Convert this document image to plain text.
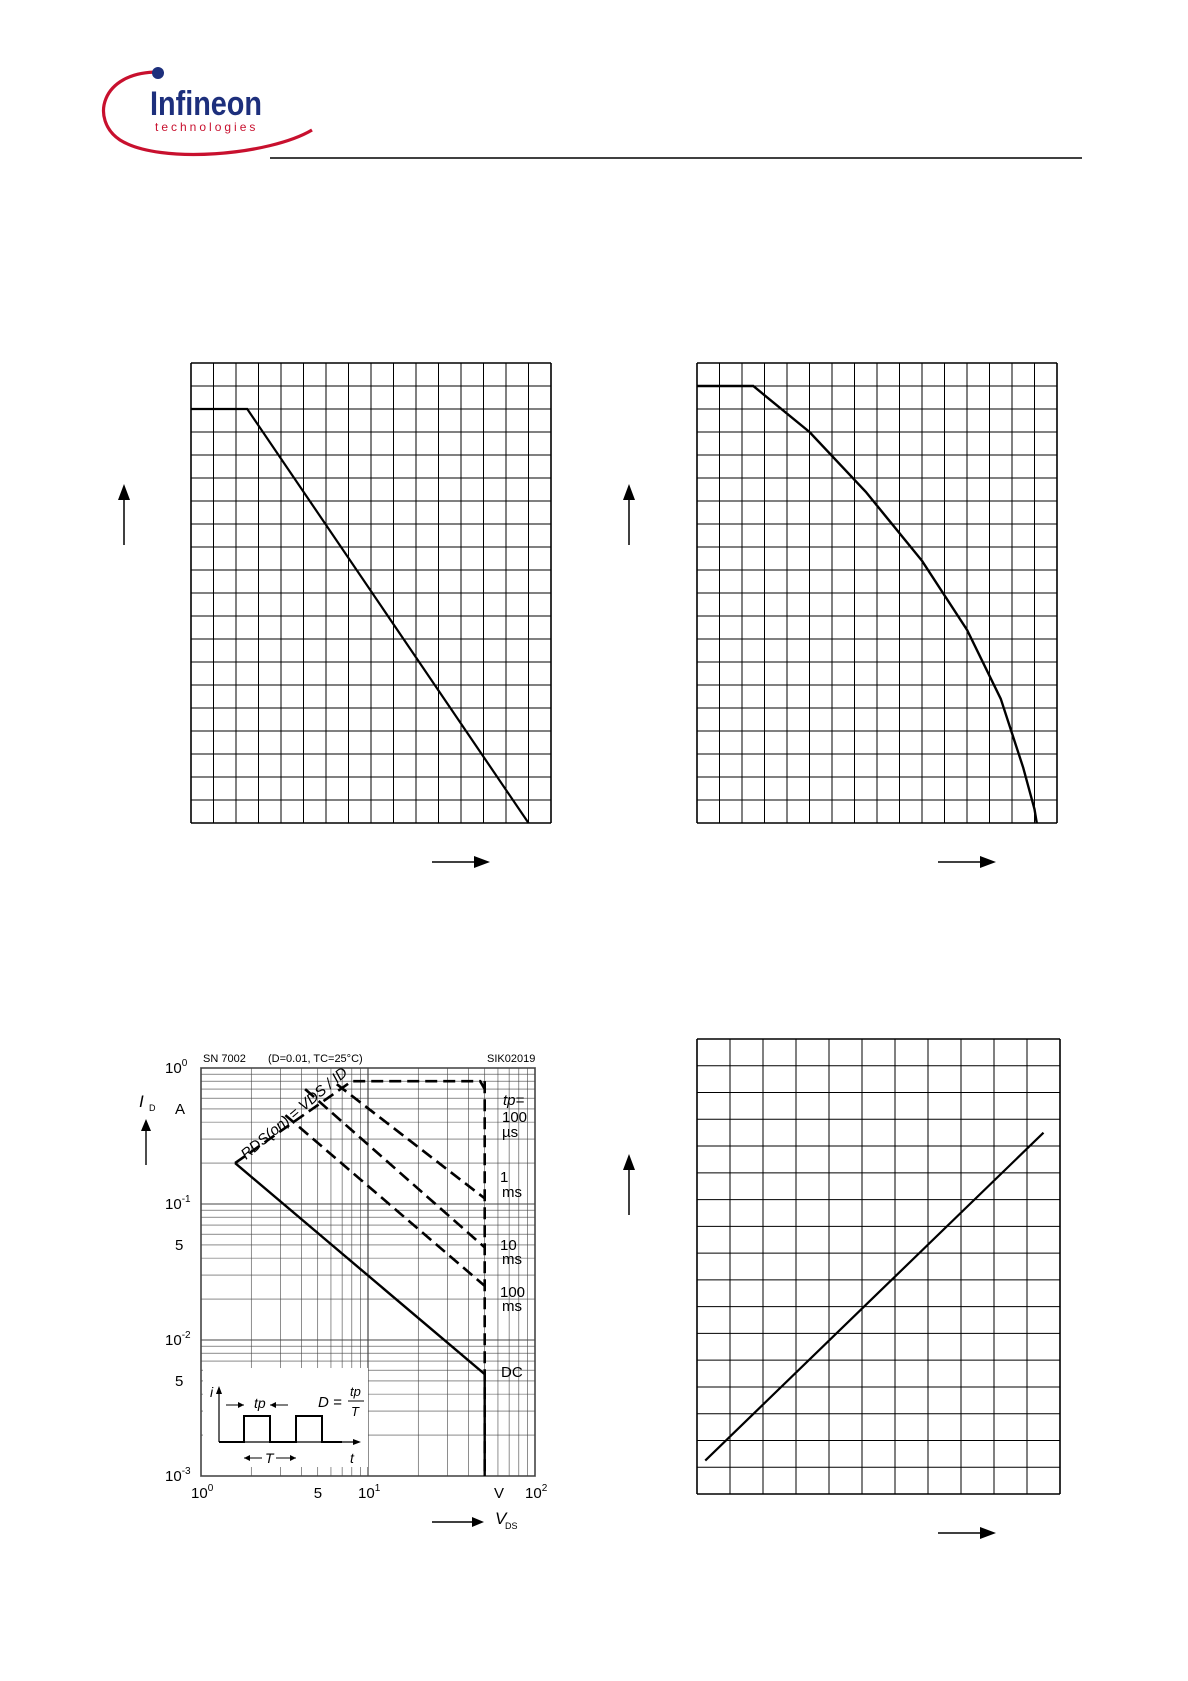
Infineon
technologies
$10^0$	5 $10^1$	V $10^2$
$10^0$
A
$10^{-1}$
5
$10^{-2}$
5
$10^{-3}$
SN 7002 (D=0.01, TC=25°C)	SIK02019
I D
V
DS
RDS(on) = VDS / ID	tp=
100
µs
1
ms
10
ms
100
ms
DC
i
tp
T	t
D =
tp
T
